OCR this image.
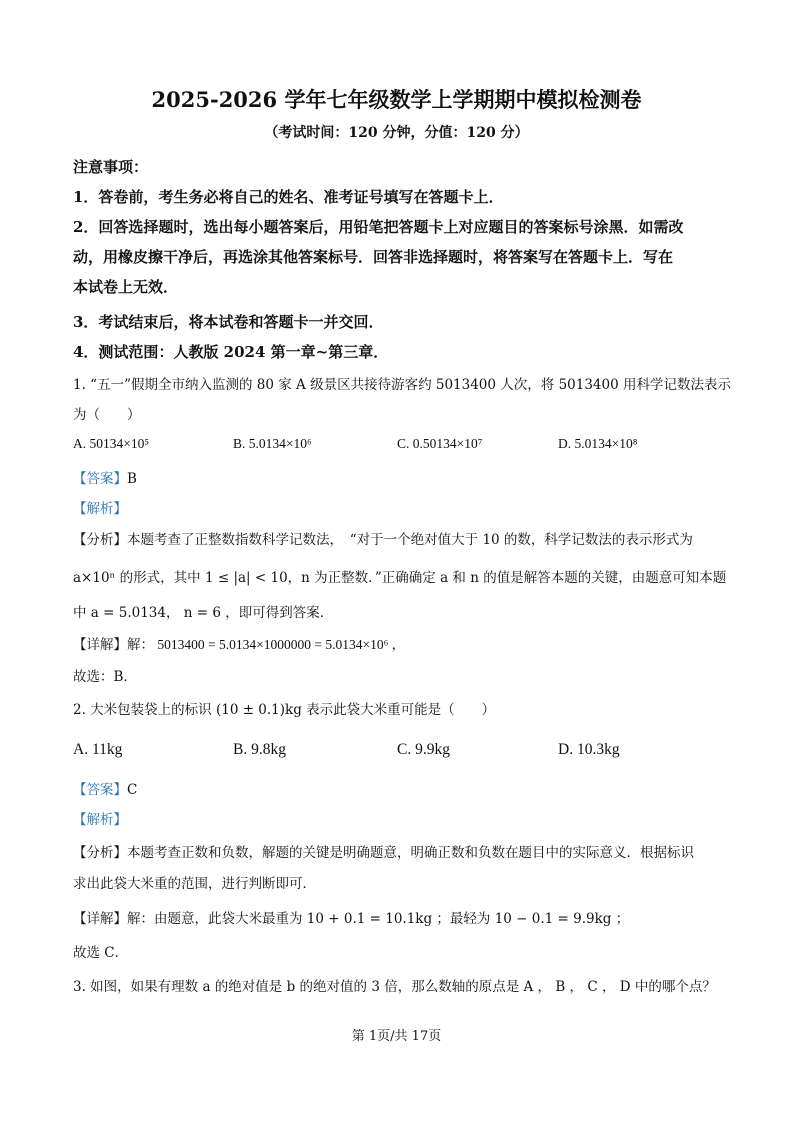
2025-2026 学年七年级数学上学期期中模拟检测卷
（考试时间：120 分钟，分值：120 分）
注意事项：
1．答卷前，考生务必将自己的姓名、准考证号填写在答题卡上．
2．回答选择题时，选出每小题答案后，用铅笔把答题卡上对应题目的答案标号涂黑．如需改
动，用橡皮擦干净后，再选涂其他答案标号．回答非选择题时，将答案写在答题卡上．写在
本试卷上无效．
3．考试结束后，将本试卷和答题卡一并交回．
4．测试范围：人教版 2024 第一章~第三章．
1. “五一”假期全市纳入监测的 80 家 A 级景区共接待游客约 5013400 人次，将 5013400 用科学记数法表示
为（　　）
A. 50134×10⁵	B. 5.0134×10⁶	C. 0.50134×10⁷	D. 5.0134×10⁸
【答案】B
【解析】
【分析】本题考查了正整数指数科学记数法，　“对于一个绝对值大于 10 的数，科学记数法的表示形式为
a×10ⁿ 的形式，其中 1 ≤ |a| < 10，n 为正整数．”正确确定 a 和 n 的值是解答本题的关键，由题意可知本题
中 a = 5.0134， n = 6 ，即可得到答案．
【详解】解： 5013400 = 5.0134×1000000 = 5.0134×10⁶ ，
故选：B．
2. 大米包装袋上的标识 (10 ± 0.1)kg 表示此袋大米重可能是（　　）
A. 11kg	B. 9.8kg	C. 9.9kg	D. 10.3kg
【答案】C
【解析】
【分析】本题考查正数和负数，解题的关键是明确题意，明确正数和负数在题目中的实际意义．根据标识
求出此袋大米重的范围，进行判断即可．
【详解】解：由题意，此袋大米最重为 10 + 0.1 = 10.1kg ；最轻为 10 − 0.1 = 9.9kg ；
故选 C．
3. 如图，如果有理数 a 的绝对值是 b 的绝对值的 3 倍，那么数轴的原点是 A ， B ， C ， D 中的哪个点？
第 1页/共 17页
